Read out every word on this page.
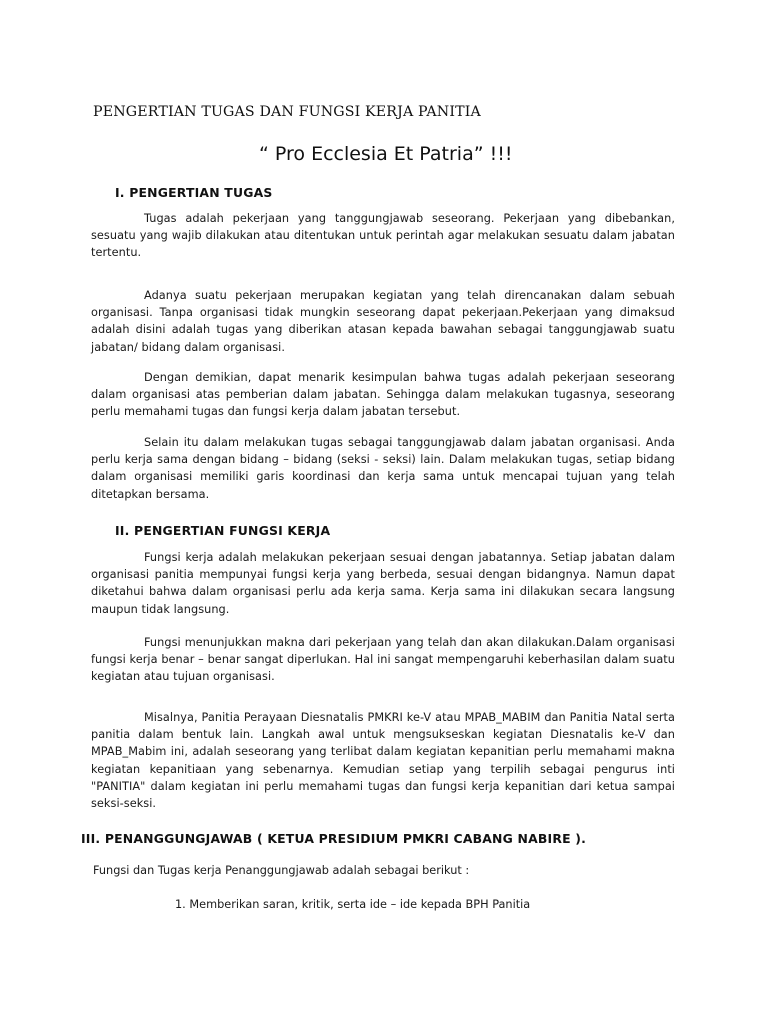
PENGERTIAN TUGAS DAN FUNGSI KERJA PANITIA

“ Pro Ecclesia Et Patria” !!!

I. PENGERTIAN TUGAS

Tugas adalah pekerjaan yang tanggungjawab seseorang. Pekerjaan yang dibebankan, sesuatu yang wajib dilakukan atau ditentukan untuk perintah agar melakukan sesuatu dalam jabatan tertentu.

Adanya suatu pekerjaan merupakan kegiatan yang telah direncanakan dalam sebuah organisasi. Tanpa organisasi tidak mungkin seseorang dapat pekerjaan.Pekerjaan yang dimaksud adalah disini adalah tugas yang diberikan atasan kepada bawahan sebagai tanggungjawab suatu jabatan/ bidang dalam organisasi.

Dengan demikian, dapat menarik kesimpulan bahwa tugas adalah pekerjaan seseorang dalam organisasi atas pemberian dalam jabatan. Sehingga dalam melakukan tugasnya, seseorang perlu memahami tugas dan fungsi kerja dalam jabatan tersebut.

Selain itu dalam melakukan tugas sebagai tanggungjawab dalam jabatan organisasi. Anda perlu kerja sama dengan bidang – bidang (seksi - seksi) lain. Dalam melakukan tugas, setiap bidang dalam organisasi memiliki garis koordinasi dan kerja sama untuk mencapai tujuan yang telah ditetapkan bersama.

II. PENGERTIAN FUNGSI KERJA

Fungsi kerja adalah melakukan pekerjaan sesuai dengan jabatannya. Setiap jabatan dalam organisasi panitia mempunyai fungsi kerja yang berbeda, sesuai dengan bidangnya. Namun dapat diketahui bahwa dalam organisasi perlu ada kerja sama. Kerja sama ini dilakukan secara langsung maupun tidak langsung.

Fungsi menunjukkan makna dari pekerjaan yang telah dan akan dilakukan.Dalam organisasi fungsi kerja benar – benar sangat diperlukan. Hal ini sangat mempengaruhi keberhasilan dalam suatu kegiatan atau tujuan organisasi.

Misalnya, Panitia Perayaan Diesnatalis PMKRI ke-V atau MPAB_MABIM dan Panitia Natal serta panitia dalam bentuk lain. Langkah awal untuk mengsukseskan kegiatan Diesnatalis ke-V dan MPAB_Mabim ini, adalah seseorang yang terlibat dalam kegiatan kepanitian perlu memahami makna kegiatan kepanitiaan yang sebenarnya. Kemudian setiap yang terpilih sebagai pengurus inti "PANITIA" dalam kegiatan ini perlu memahami tugas dan fungsi kerja kepanitian dari ketua sampai seksi-seksi.

III. PENANGGUNGJAWAB ( KETUA PRESIDIUM PMKRI CABANG NABIRE ).

Fungsi dan Tugas kerja Penanggungjawab adalah sebagai berikut :

1. Memberikan saran, kritik, serta ide – ide kepada BPH Panitia
